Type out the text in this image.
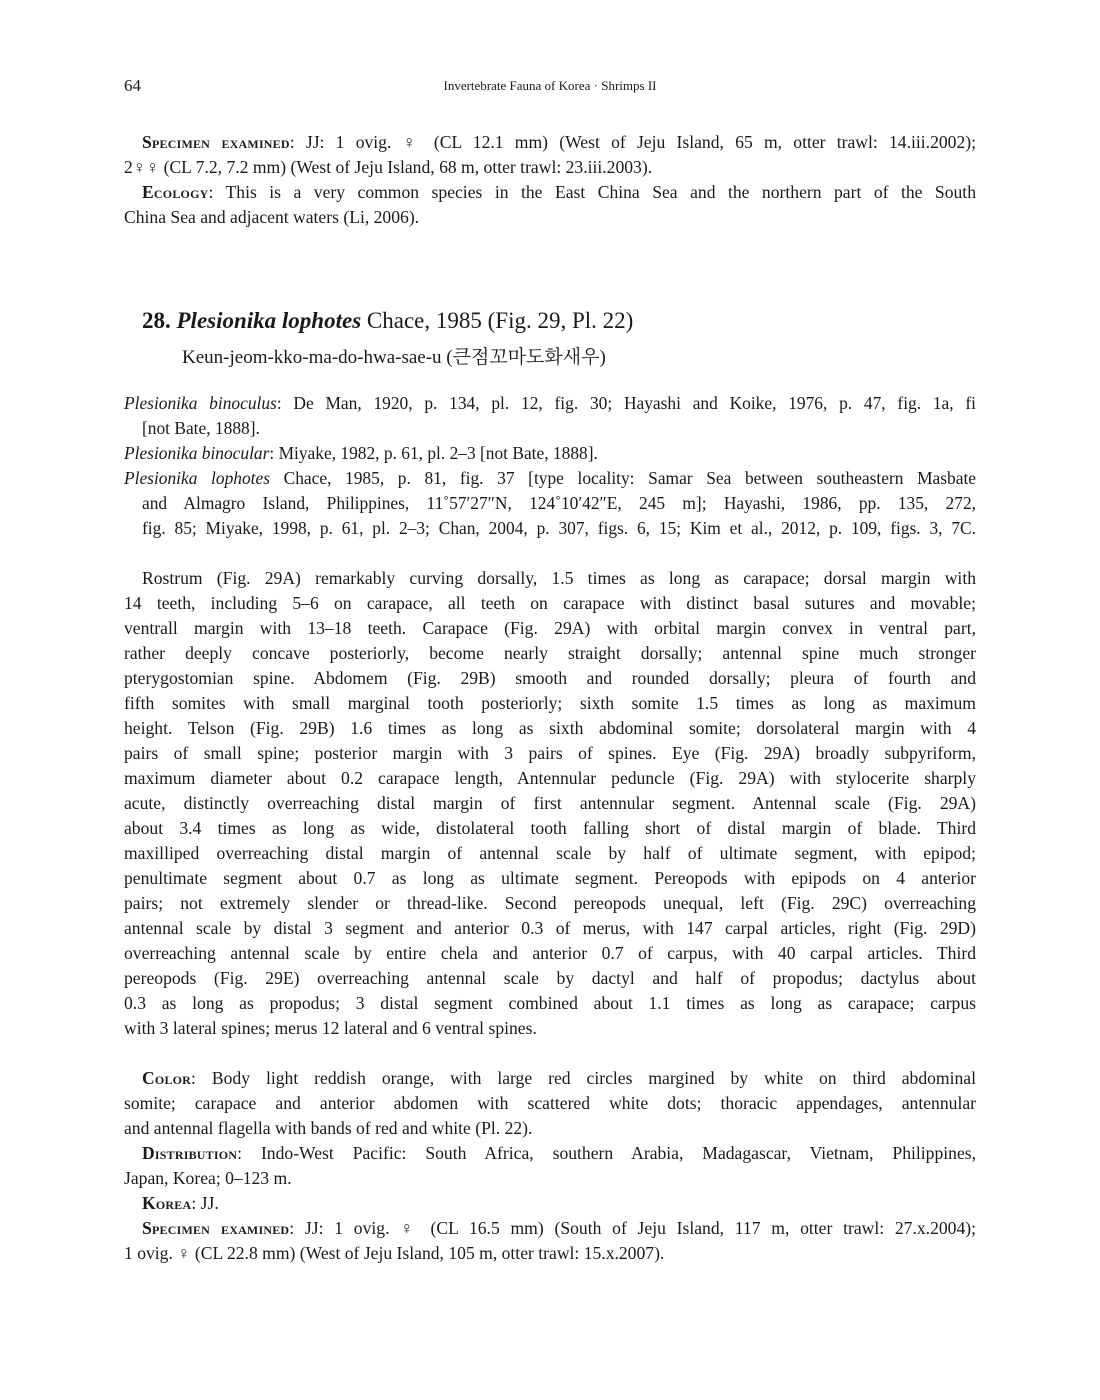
64	Invertebrate Fauna of Korea · Shrimps II
Specimen examined: JJ: 1 ovig. ♀ (CL 12.1 mm) (West of Jeju Island, 65 m, otter trawl: 14.iii.2002);
2♀♀ (CL 7.2, 7.2 mm) (West of Jeju Island, 68 m, otter trawl: 23.iii.2003).
Ecology: This is a very common species in the East China Sea and the northern part of the South
China Sea and adjacent waters (Li, 2006).
28. Plesionika lophotes Chace, 1985 (Fig. 29, Pl. 22)
Keun-jeom-kko-ma-do-hwa-sae-u (큰점꼬마도화새우)
Plesionika binoculus: De Man, 1920, p. 134, pl. 12, fig. 30; Hayashi and Koike, 1976, p. 47, fig. 1a, fi
[not Bate, 1888].
Plesionika binocular: Miyake, 1982, p. 61, pl. 2–3 [not Bate, 1888].
Plesionika lophotes Chace, 1985, p. 81, fig. 37 [type locality: Samar Sea between southeastern Masbate
and Almagro Island, Philippines, 11˚57′27″N, 124˚10′42″E, 245 m]; Hayashi, 1986, pp. 135, 272,
fig. 85; Miyake, 1998, p. 61, pl. 2–3; Chan, 2004, p. 307, figs. 6, 15; Kim et al., 2012, p. 109, figs. 3, 7C.
Rostrum (Fig. 29A) remarkably curving dorsally, 1.5 times as long as carapace; dorsal margin with
14 teeth, including 5–6 on carapace, all teeth on carapace with distinct basal sutures and movable;
ventrall margin with 13–18 teeth. Carapace (Fig. 29A) with orbital margin convex in ventral part,
rather deeply concave posteriorly, become nearly straight dorsally; antennal spine much stronger
pterygostomian spine. Abdomem (Fig. 29B) smooth and rounded dorsally; pleura of fourth and
fifth somites with small marginal tooth posteriorly; sixth somite 1.5 times as long as maximum
height. Telson (Fig. 29B) 1.6 times as long as sixth abdominal somite; dorsolateral margin with 4
pairs of small spine; posterior margin with 3 pairs of spines. Eye (Fig. 29A) broadly subpyriform,
maximum diameter about 0.2 carapace length, Antennular peduncle (Fig. 29A) with stylocerite sharply
acute, distinctly overreaching distal margin of first antennular segment. Antennal scale (Fig. 29A)
about 3.4 times as long as wide, distolateral tooth falling short of distal margin of blade. Third
maxilliped overreaching distal margin of antennal scale by half of ultimate segment, with epipod;
penultimate segment about 0.7 as long as ultimate segment. Pereopods with epipods on 4 anterior
pairs; not extremely slender or thread-like. Second pereopods unequal, left (Fig. 29C) overreaching
antennal scale by distal 3 segment and anterior 0.3 of merus, with 147 carpal articles, right (Fig. 29D)
overreaching antennal scale by entire chela and anterior 0.7 of carpus, with 40 carpal articles. Third
pereopods (Fig. 29E) overreaching antennal scale by dactyl and half of propodus; dactylus about
0.3 as long as propodus; 3 distal segment combined about 1.1 times as long as carapace; carpus
with 3 lateral spines; merus 12 lateral and 6 ventral spines.
Color: Body light reddish orange, with large red circles margined by white on third abdominal
somite; carapace and anterior abdomen with scattered white dots; thoracic appendages, antennular
and antennal flagella with bands of red and white (Pl. 22).
Distribution: Indo-West Pacific: South Africa, southern Arabia, Madagascar, Vietnam, Philippines,
Japan, Korea; 0–123 m.
Korea: JJ.
Specimen examined: JJ: 1 ovig. ♀ (CL 16.5 mm) (South of Jeju Island, 117 m, otter trawl: 27.x.2004);
1 ovig. ♀ (CL 22.8 mm) (West of Jeju Island, 105 m, otter trawl: 15.x.2007).
